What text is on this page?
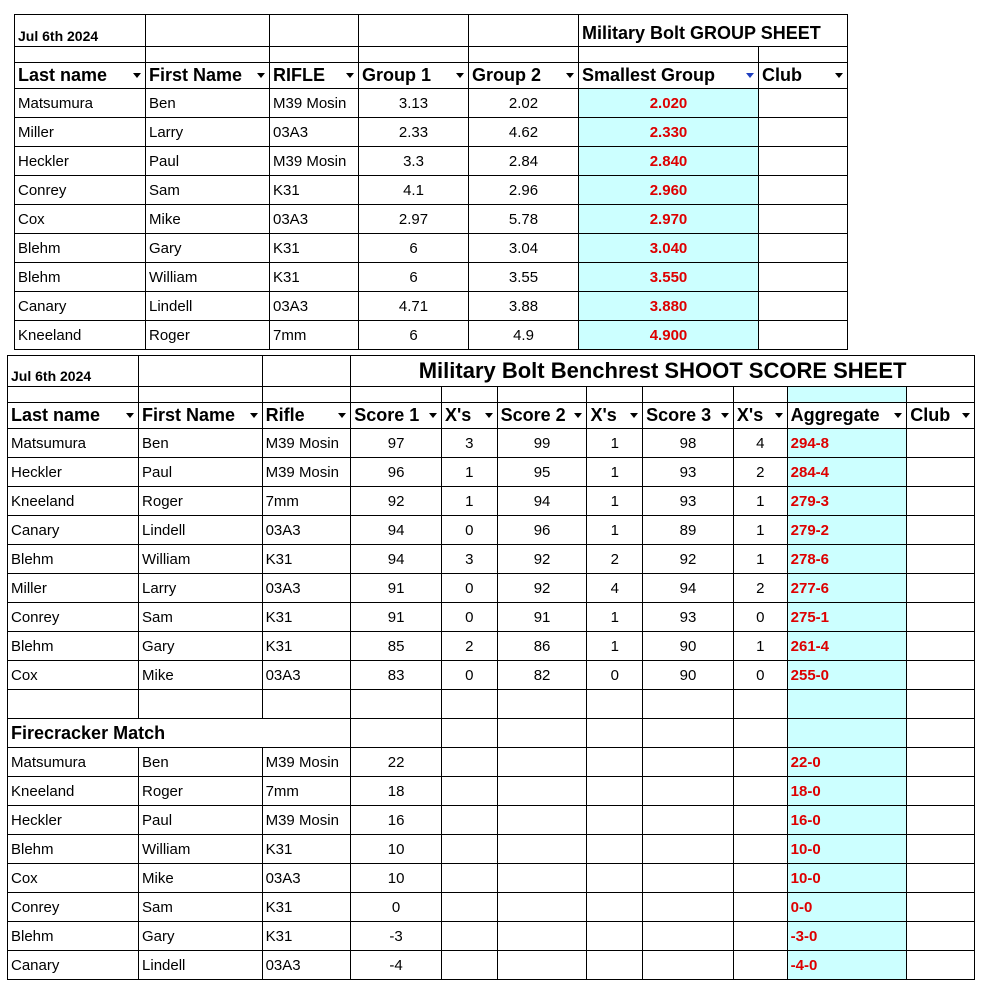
Jul 6th 2024					Military Bolt GROUP SHEET	

Last name	First Name	RIFLE	Group 1	Group 2	Smallest Group	Club

Matsumura	Ben	M39 Mosin	3.13	2.02	2.020	
Miller	Larry	03A3	2.33	4.62	2.330	
Heckler	Paul	M39 Mosin	3.3	2.84	2.840	
Conrey	Sam	K31	4.1	2.96	2.960	
Cox	Mike	03A3	2.97	5.78	2.970	
Blehm	Gary	K31	6	3.04	3.040	
Blehm	William	K31	6	3.55	3.550	
Canary	Lindell	03A3	4.71	3.88	3.880	
Kneeland	Roger	7mm	6	4.9	4.900	
Jul 6th 2024			Military Bolt Benchrest SHOOT SCORE SHEET							

Last name	First Name	Rifle	Score 1	X's	Score 2	X's	Score 3	X's	Aggregate	Club

Matsumura	Ben	M39 Mosin	97	3	99	1	98	4	294-8	
Heckler	Paul	M39 Mosin	96	1	95	1	93	2	284-4	
Kneeland	Roger	7mm	92	1	94	1	93	1	279-3	
Canary	Lindell	03A3	94	0	96	1	89	1	279-2	
Blehm	William	K31	94	3	92	2	92	1	278-6	
Miller	Larry	03A3	91	0	92	4	94	2	277-6	
Conrey	Sam	K31	91	0	91	1	93	0	275-1	
Blehm	Gary	K31	85	2	86	1	90	1	261-4	
Cox	Mike	03A3	83	0	82	0	90	0	255-0	

Firecracker Match										
Matsumura	Ben	M39 Mosin	22						22-0	
Kneeland	Roger	7mm	18						18-0	
Heckler	Paul	M39 Mosin	16						16-0	
Blehm	William	K31	10						10-0	
Cox	Mike	03A3	10						10-0	
Conrey	Sam	K31	0						0-0	
Blehm	Gary	K31	-3						-3-0	
Canary	Lindell	03A3	-4						-4-0	
